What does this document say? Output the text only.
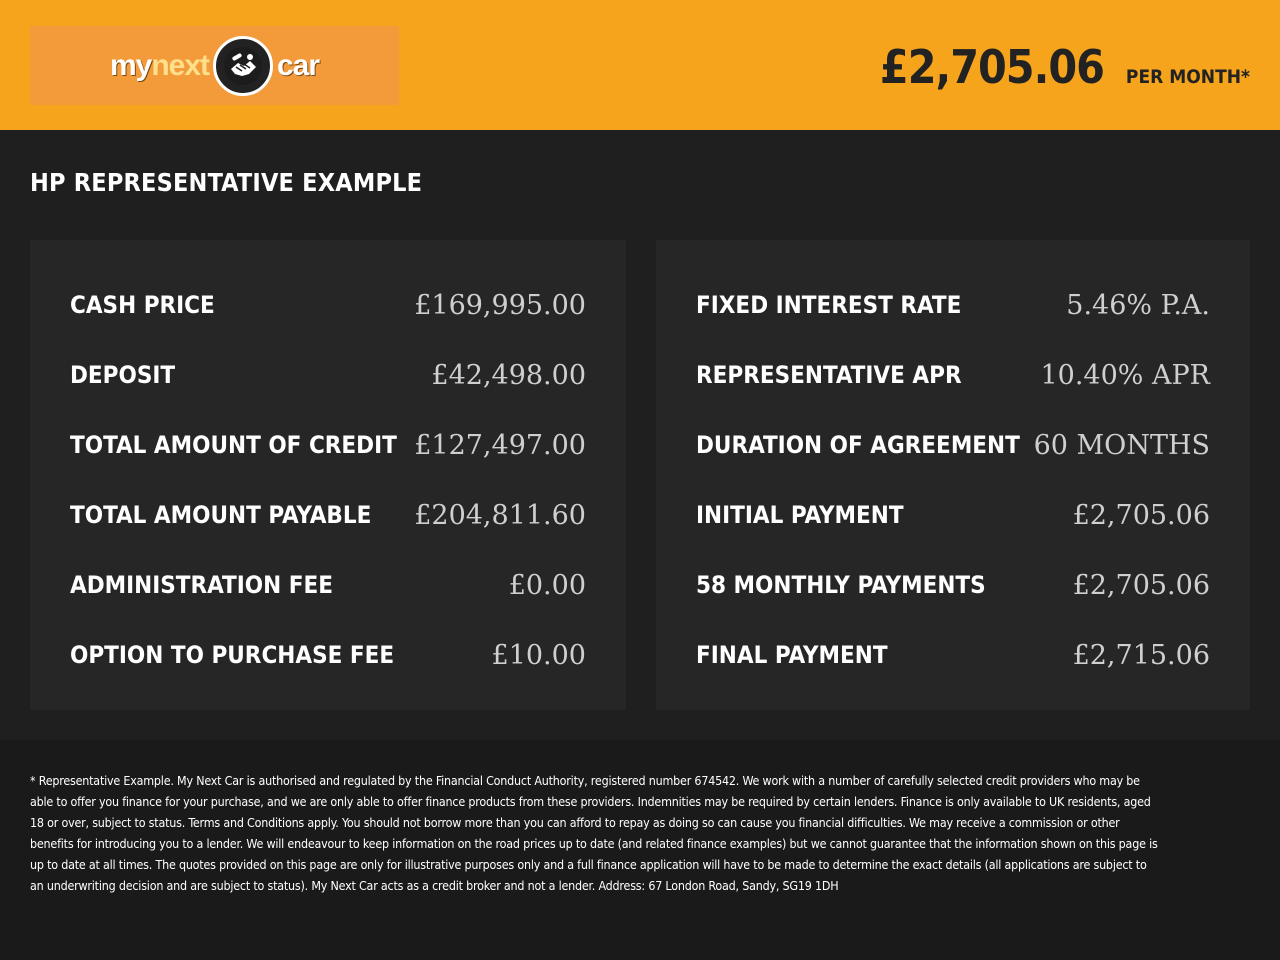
my next car	£2,705.06 PER MONTH*
HP REPRESENTATIVE EXAMPLE
CASH PRICE	£169,995.00
DEPOSIT	£42,498.00
TOTAL AMOUNT OF CREDIT £127,497.00
TOTAL AMOUNT PAYABLE £204,811.60
ADMINISTRATION FEE	£0.00
OPTION TO PURCHASE FEE	£10.00
FIXED INTEREST RATE	5.46% P.A.
REPRESENTATIVE APR	10.40% APR
DURATION OF AGREEMENT 60 MONTHS
INITIAL PAYMENT	£2,705.06
58 MONTHLY PAYMENTS	£2,705.06
FINAL PAYMENT	£2,715.06
* Representative Example. My Next Car is authorised and regulated by the Financial Conduct Authority, registered number 674542. We work with a number of carefully selected credit providers who may be able to offer you finance for your purchase, and we are only able to offer finance products from these providers. Indemnities may be required by certain lenders. Finance is only available to UK residents, aged 18 or over, subject to status. Terms and Conditions apply. You should not borrow more than you can afford to repay as doing so can cause you financial difficulties. We may receive a commission or other benefits for introducing you to a lender. We will endeavour to keep information on the road prices up to date (and related finance examples) but we cannot guarantee that the information shown on this page is up to date at all times. The quotes provided on this page are only for illustrative purposes only and a full finance application will have to be made to determine the exact details (all applications are subject to an underwriting decision and are subject to status). My Next Car acts as a credit broker and not a lender. Address: 67 London Road, Sandy, SG19 1DH
